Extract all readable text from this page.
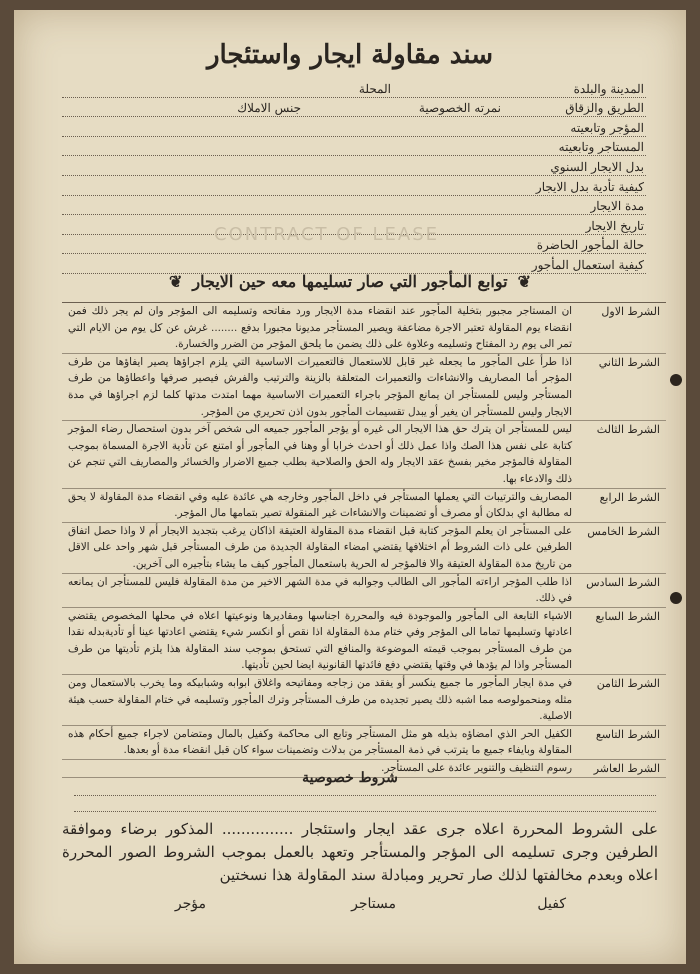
سند مقاولة ايجار واستئجار
المدينة والبلدة
المحلة
الطريق والزقاق
نمرته الخصوصية
جنس الاملاك
المؤجر وتابعيته
المستاجر وتابعيته
بدل الايجار السنوي
كيفية تأدية بدل الايجار
مدة الايجار
تاريخ الايجار
حالة المأجور الحاضرة
كيفية استعمال المأجور
CONTRACT OF LEASE
❦توابع المأجور التي صار تسليمها معه حين الايجار❦
الشرط الاول
ان المستاجر مجبور بتخلية المأجور عند انقضاء مدة الايجار ورد مفاتحه وتسليمه الى المؤجر وان لم يجر ذلك فمن انقضاء يوم المقاولة تعتبر الاجرة مضاعفة ويصير المستأجر مديونا مجبورا بدفع ........ غرش عن كل يوم من الايام التي تمر الى يوم رد المفتاح وتسليمه وعلاوة على ذلك يضمن ما يلحق المؤجر من الضرر والخسارة.
الشرط الثاني
اذا طرأ على المأجور ما يجعله غير قابل للاستعمال فالتعميرات الاساسية التي يلزم اجراؤها يصير ايفاؤها من طرف المؤجر أما المصاريف والانشاءات والتعميرات المتعلقة بالزينة والترتيب والفرش فيصير صرفها واعطاؤها من طرف المستأجر وليس للمستأجر ان يمانع المؤجر باجراء التعميرات الاساسية مهما امتدت مدتها كلما لزم اجراؤها في مدة الايجار وليس للمستأجر ان يغير أو يبدل تقسيمات المأجور بدون اذن تحريري من المؤجر.
الشرط الثالث
ليس للمستأجر ان يترك حق هذا الايجار الى غيره أو يؤجر المأجور جميعه الى شخص آخر بدون استحصال رضاء المؤجر كتابة على نفس هذا الصك واذا عمل ذلك أو احدث خرابا أو وهنا في المأجور أو امتنع عن تأدية الاجرة المسماة بموجب المقاولة فالمؤجر مخير بفسخ عقد الايجار وله الحق والصلاحية بطلب جميع الاضرار والخسائر والمصاريف التي تنجم عن ذلك والادعاء بها.
الشرط الرابع
المصاريف والترتيبات التي يعملها المستأجر في داخل المأجور وخارجه هي عائدة عليه وفي انقضاء مدة المقاولة لا يحق له مطالبة اي بدلكان أو مصرف أو تضمينات والانشاءات غير المنقولة تصير بتمامها مال المؤجر.
الشرط الخامس
على المستأجر ان يعلم المؤجر كتابة قبل انقضاء مدة المقاولة العتيقة اذاكان يرغب بتجديد الايجار أم لا واذا حصل اتفاق الطرفين على ذات الشروط أم اختلافها يقتضي امضاء المقاولة الجديدة من طرف المستأجر قبل شهر واحد على الاقل من تاريخ مدة المقاولة العتيقة والا فالمؤجر له الحرية باستعمال المأجور كيف ما يشاء بتأجيره الى آخرين.
الشرط السادس
اذا طلب المؤجر اراءته المأجور الى الطالب وجوالبه في مدة الشهر الاخير من مدة المقاولة فليس للمستأجر ان يمانعه في ذلك.
الشرط السابع
الاشياء التابعة الى المأجور والموجودة فيه والمحررة اجناسها ومقاديرها ونوعيتها اعلاه في محلها المخصوص يقتضي اعادتها وتسليمها تماما الى المؤجر وفي ختام مدة المقاولة اذا نقص أو انكسر شيء يقتضي اعادتها عينا أو تأديةبدله نقدا من طرف المستأجر بموجب قيمته الموضوعة والمنافع التي تستحق بموجب سند المقاولة هذا يلزم تأديتها من طرف المستأجر واذا لم يؤدها في وقتها يقتضي دفع فائدتها القانونية ايضا لحين تأديتها.
الشرط الثامن
في مدة ايجار المأجور ما جميع ينكسر أو يفقد من زجاجه ومفاتيحه واغلاق ابوابه وشبابيكه وما يخرب بالاستعمال ومن مثله ومنحمولوصه مما اشبه ذلك يصير تجديده من طرف المستأجر وترك المأجور وتسليمه في ختام المقاولة حسب هيئة الاصلية.
الشرط التاسع
الكفيل الحر الذي امضاؤه بذيله هو مثل المستأجر وتابع الى محاكمة وكفيل بالمال ومتضامن لاجراء جميع أحكام هذه المقاولة وبايفاء جميع ما يترتب في ذمة المستأجر من بدلات وتضمينات سواء كان قبل انقضاء مدة أو بعدها.
الشرط العاشر
رسوم التنظيف والتنوير عائدة على المستأجر.
شروط خصوصية
على الشروط المحررة اعلاه جرى عقد ايجار واستئجار ............... المذكور برضاء وموافقة الطرفين وجرى تسليمه الى المؤجر والمستأجر وتعهد بالعمل بموجب الشروط الصور المحررة اعلاه وبعدم مخالفتها لذلك صار تحرير ومبادلة سند المقاولة هذا نسختين
كفيل
مستاجر
مؤجر
